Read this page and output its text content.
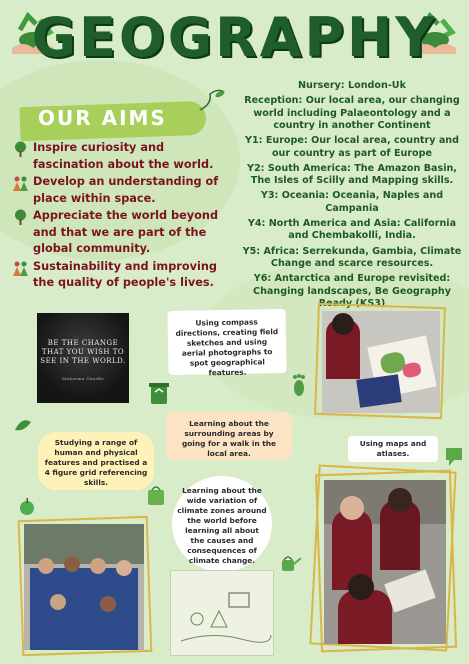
GEOGRAPHY
OUR AIMS
Inspire curiosity and fascination about the world.
Develop an understanding of place within space.
Appreciate the world beyond and that we are part of the global community.
Sustainability and improving the quality of people's lives.
Nursery: London-Uk
Reception: Our local area, our changing world including Palaeontology and a country in another Continent
Y1: Europe: Our local area, country and our country as part of Europe
Y2: South America: The Amazon Basin, The Isles of Scilly and Mapping skills.
Y3: Oceania: Oceania, Naples and Campania
Y4: North America and Asia: California and Chembakolli, India.
Y5: Africa: Serrekunda, Gambia, Climate Change and scarce resources.
Y6: Antarctica and Europe revisited: Changing landscapes, Be Geography Ready (KS3)
BE THE CHANGE
THAT YOU WISH TO
SEE IN THE WORLD.
Mahatma Gandhi
Using compass directions, creating field sketches and using aerial photographs to spot geographical features.
Learning about the surrounding areas by going for a walk in the local area.
Studying a range of human and physical features and practised a 4 figure grid referencing skills.
Using maps and atlases.
Learning about the wide variation of climate zones around the world before learning all about the causes and consequences of climate change.
